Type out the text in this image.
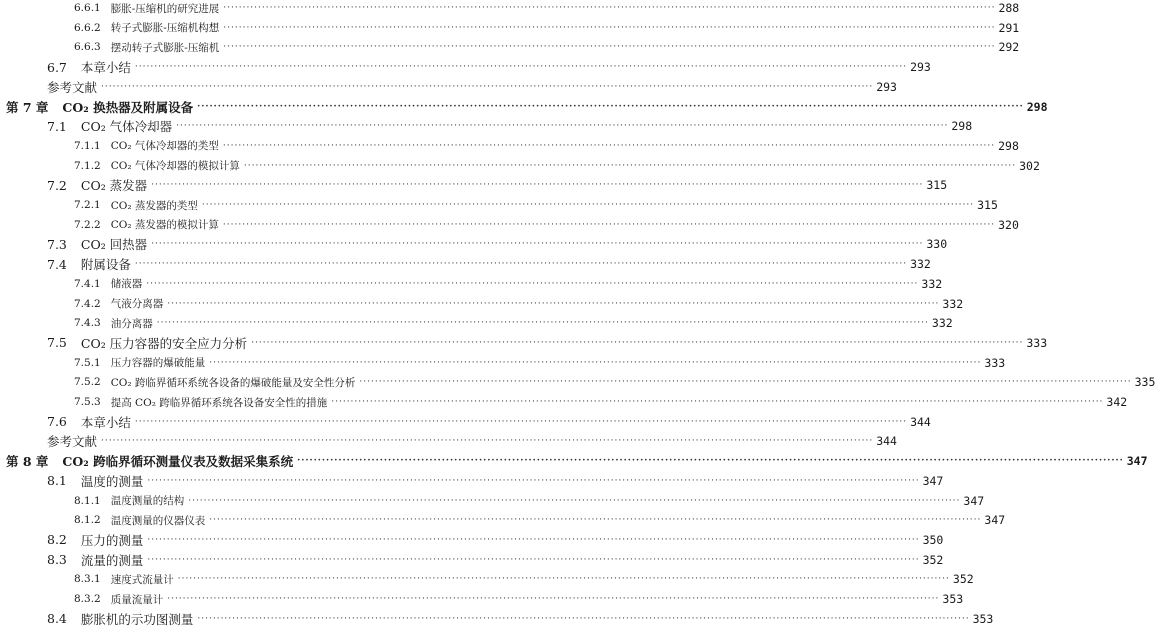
6.6.1 膨胀-压缩机的研究进展 ········································································································································································································ 288
6.6.2 转子式膨胀-压缩机构想 ········································································································································································································ 291
6.6.3 摆动转子式膨胀-压缩机 ········································································································································································································ 292
6.7 本章小结 ········································································································································································································ 293
参考文献 ········································································································································································································ 293
第 7 章 CO₂ 换热器及附属设备 ········································································································································································································ 298
7.1 CO₂ 气体冷却器 ········································································································································································································ 298
7.1.1 CO₂ 气体冷却器的类型 ········································································································································································································ 298
7.1.2 CO₂ 气体冷却器的模拟计算 ········································································································································································································ 302
7.2 CO₂ 蒸发器 ········································································································································································································ 315
7.2.1 CO₂ 蒸发器的类型 ········································································································································································································ 315
7.2.2 CO₂ 蒸发器的模拟计算 ········································································································································································································ 320
7.3 CO₂ 回热器 ········································································································································································································ 330
7.4 附属设备 ········································································································································································································ 332
7.4.1 储液器 ········································································································································································································ 332
7.4.2 气液分离器 ········································································································································································································ 332
7.4.3 油分离器 ········································································································································································································ 332
7.5 CO₂ 压力容器的安全应力分析 ········································································································································································································ 333
7.5.1 压力容器的爆破能量 ········································································································································································································ 333
7.5.2 CO₂ 跨临界循环系统各设备的爆破能量及安全性分析 ········································································································································································································ 335
7.5.3 提高 CO₂ 跨临界循环系统各设备安全性的措施 ········································································································································································································ 342
7.6 本章小结 ········································································································································································································ 344
参考文献 ········································································································································································································ 344
第 8 章 CO₂ 跨临界循环测量仪表及数据采集系统 ········································································································································································································ 347
8.1 温度的测量 ········································································································································································································ 347
8.1.1 温度测量的结构 ········································································································································································································ 347
8.1.2 温度测量的仪器仪表 ········································································································································································································ 347
8.2 压力的测量 ········································································································································································································ 350
8.3 流量的测量 ········································································································································································································ 352
8.3.1 速度式流量计 ········································································································································································································ 352
8.3.2 质量流量计 ········································································································································································································ 353
8.4 膨胀机的示功图测量 ········································································································································································································ 353
